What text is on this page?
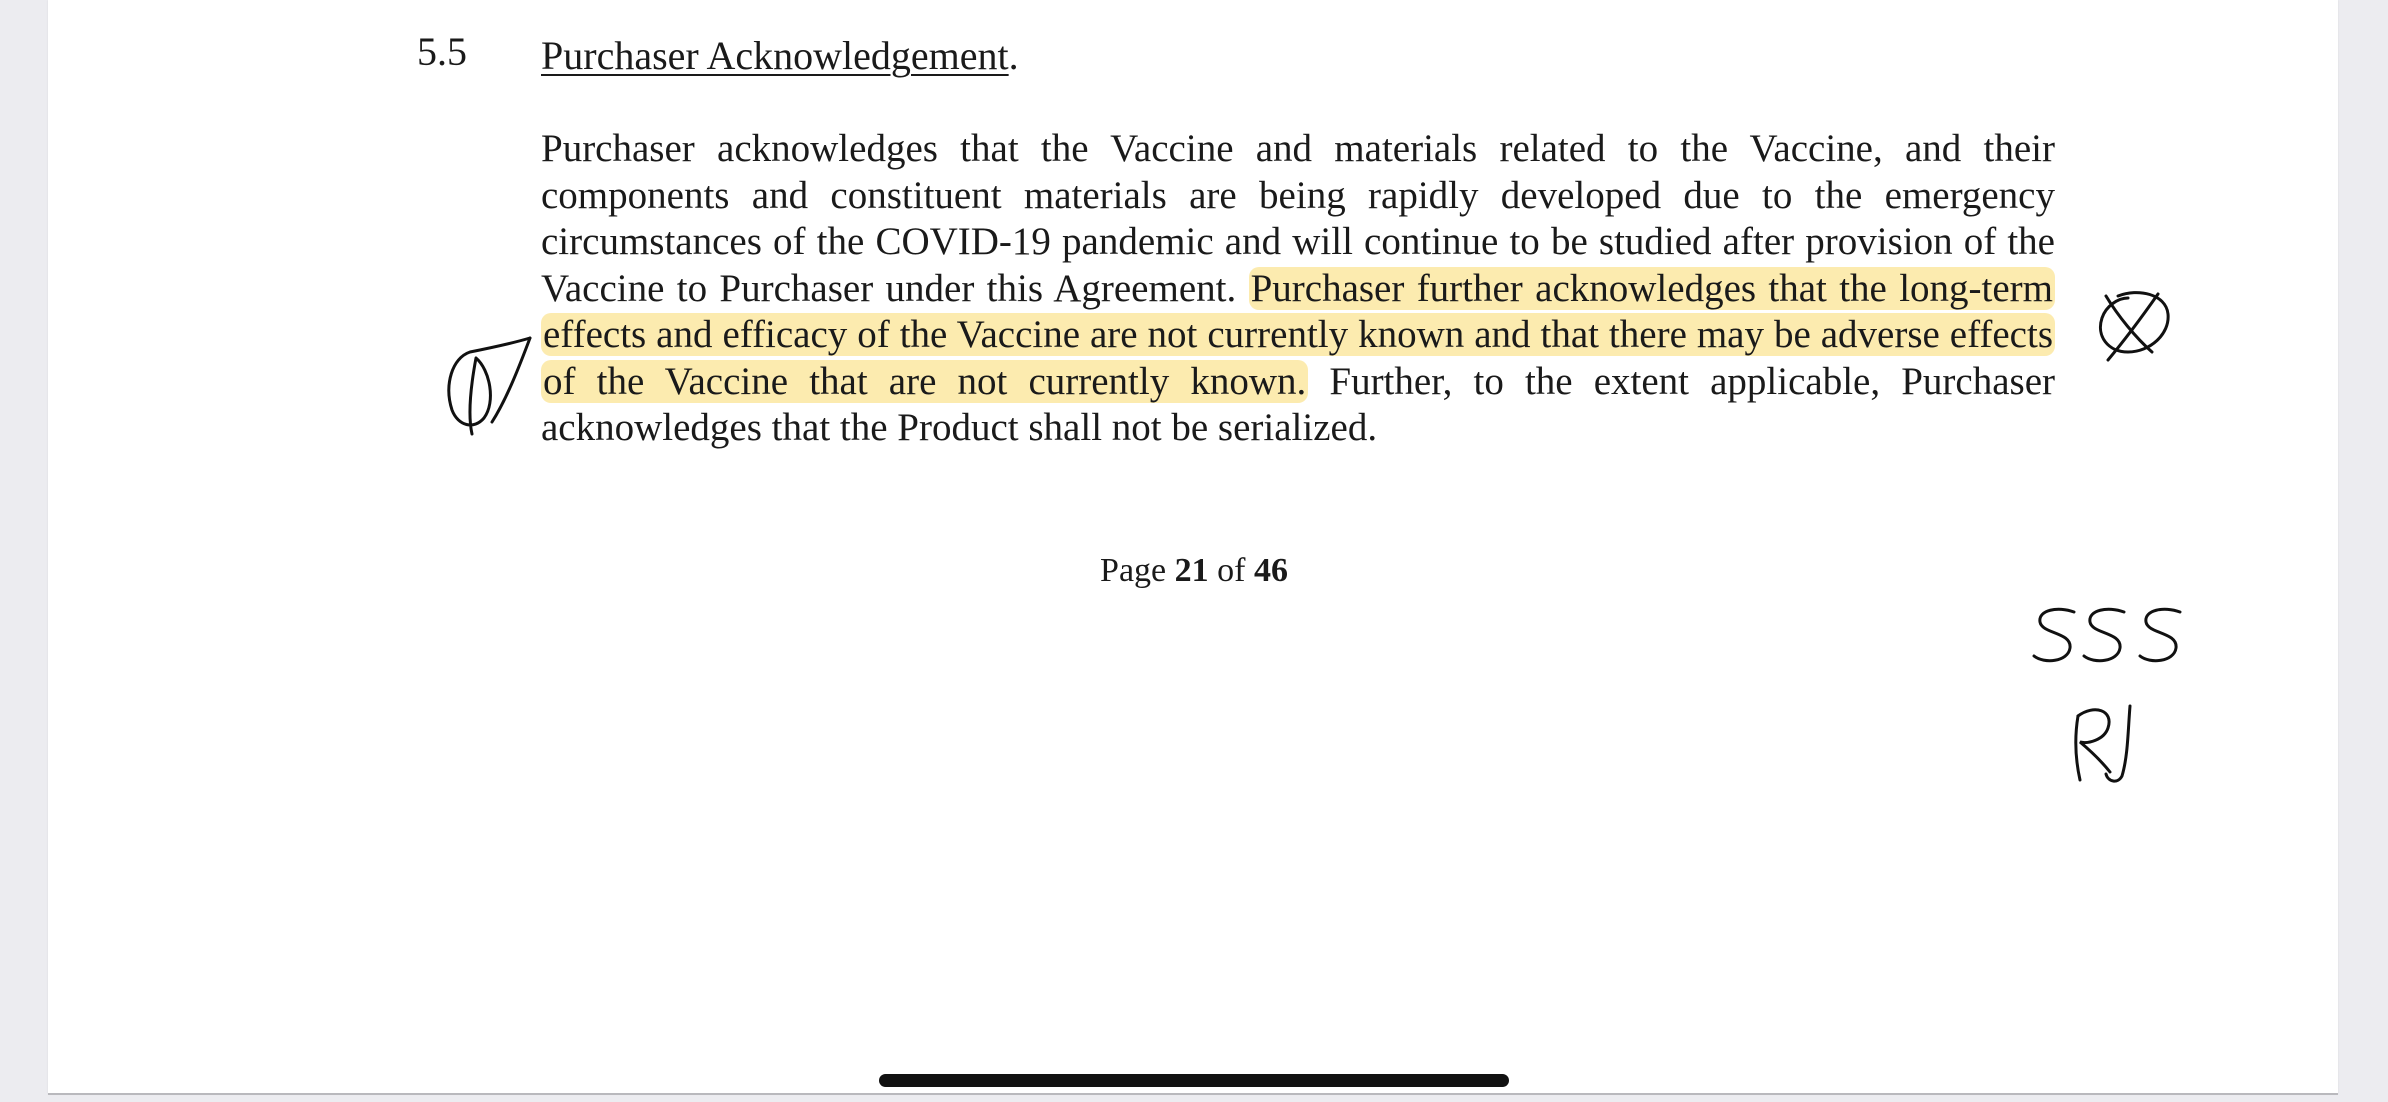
5.5 Purchaser Acknowledgement.

Purchaser acknowledges that the Vaccine and materials related to the Vaccine, and their components and constituent materials are being rapidly developed due to the emergency circumstances of the COVID-19 pandemic and will continue to be studied after provision of the Vaccine to Purchaser under this Agreement. Purchaser further acknowledges that the long-term effects and efficacy of the Vaccine are not currently known and that there may be adverse effects of the Vaccine that are not currently known. Further, to the extent applicable, Purchaser acknowledges that the Product shall not be serialized.

Page 21 of 46
